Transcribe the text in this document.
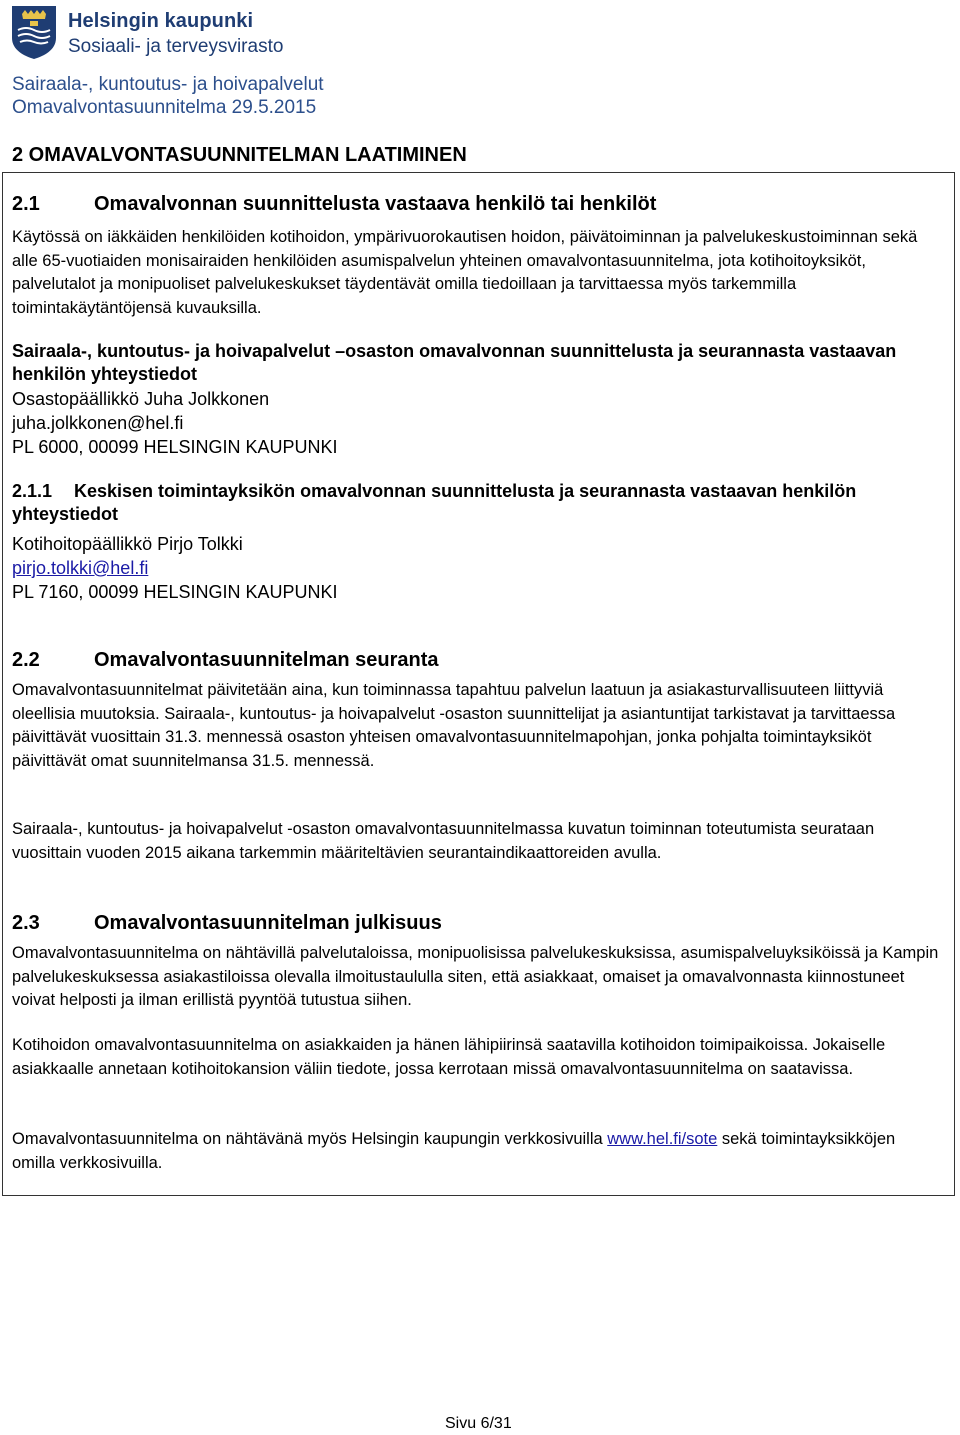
Helsingin kaupunki
Sosiaali- ja terveysvirasto
Sairaala-, kuntoutus- ja hoivapalvelut
Omavalvontasuunnitelma 29.5.2015
2 OMAVALVONTASUUNNITELMAN LAATIMINEN
2.1	Omavalvonnan suunnittelusta vastaava henkilö tai henkilöt
Käytössä on iäkkäiden henkilöiden kotihoidon, ympärivuorokautisen hoidon, päivätoiminnan ja palvelukeskustoiminnan sekä alle 65-vuotiaiden monisairaiden henkilöiden asumispalvelun yhteinen omavalvontasuunnitelma, jota kotihoitoyksiköt, palvelutalot ja monipuoliset palvelukeskukset täydentävät omilla tiedoillaan ja tarvittaessa myös tarkemmilla toimintakäytäntöjensä kuvauksilla.
Sairaala-, kuntoutus- ja hoivapalvelut –osaston omavalvonnan suunnittelusta ja seurannasta vastaavan henkilön yhteystiedot
Osastopäällikkö Juha Jolkkonen
juha.jolkkonen@hel.fi
PL 6000, 00099 HELSINGIN KAUPUNKI
2.1.1 Keskisen toimintayksikön omavalvonnan suunnittelusta ja seurannasta vastaavan henkilön yhteystiedot
Kotihoitopäällikkö Pirjo Tolkki
pirjo.tolkki@hel.fi
PL 7160, 00099 HELSINGIN KAUPUNKI
2.2	Omavalvontasuunnitelman seuranta
Omavalvontasuunnitelmat päivitetään aina, kun toiminnassa tapahtuu palvelun laatuun ja asiakasturvallisuuteen liittyviä oleellisia muutoksia. Sairaala-, kuntoutus- ja hoivapalvelut -osaston suunnittelijat ja asiantuntijat tarkistavat ja tarvittaessa päivittävät vuosittain 31.3. mennessä osaston yhteisen omavalvontasuunnitelmapohjan, jonka pohjalta toimintayksiköt päivittävät omat suunnitelmansa 31.5. mennessä.
Sairaala-, kuntoutus- ja hoivapalvelut -osaston omavalvontasuunnitelmassa kuvatun toiminnan toteutumista seurataan vuosittain vuoden 2015 aikana tarkemmin määriteltävien seurantaindikaattoreiden avulla.
2.3	Omavalvontasuunnitelman julkisuus
Omavalvontasuunnitelma on nähtävillä palvelutaloissa, monipuolisissa palvelukeskuksissa, asumispalveluyksiköissä ja Kampin palvelukeskuksessa asiakastiloissa olevalla ilmoitustaululla siten, että asiakkaat, omaiset ja omavalvonnasta kiinnostuneet voivat helposti ja ilman erillistä pyyntöä tutustua siihen.
Kotihoidon omavalvontasuunnitelma on asiakkaiden ja hänen lähipiirinsä saatavilla kotihoidon toimipaikoissa. Jokaiselle asiakkaalle annetaan kotihoitokansion väliin tiedote, jossa kerrotaan missä omavalvontasuunnitelma on saatavissa.
Omavalvontasuunnitelma on nähtävänä myös Helsingin kaupungin verkkosivuilla www.hel.fi/sote sekä toimintayksikköjen omilla verkkosivuilla.
Sivu 6/31
